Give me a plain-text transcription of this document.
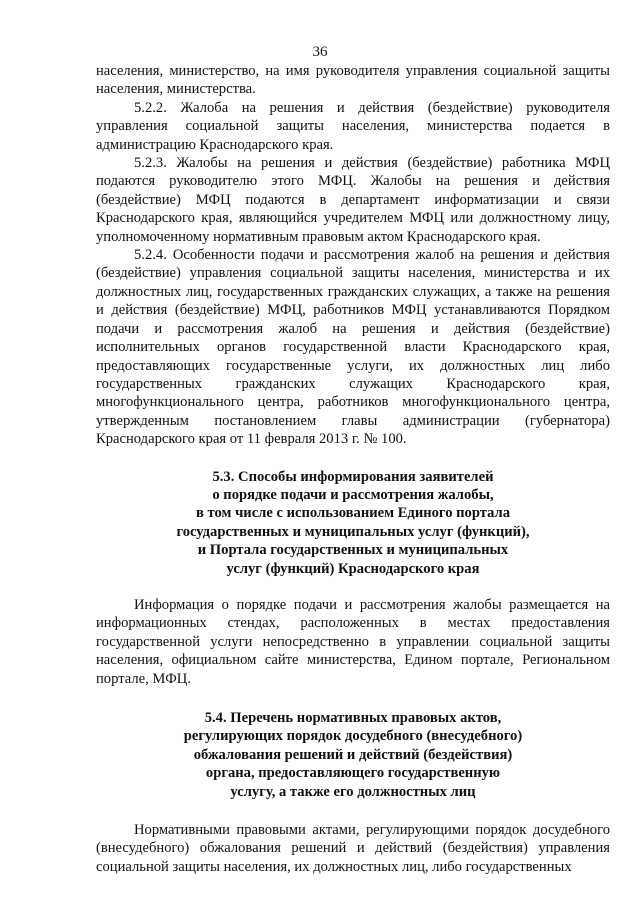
36

населения, министерство, на имя руководителя управления социальной защиты населения, министерства.

5.2.2. Жалоба на решения и действия (бездействие) руководителя управления социальной защиты населения, министерства подается в администрацию Краснодарского края.

5.2.3. Жалобы на решения и действия (бездействие) работника МФЦ подаются руководителю этого МФЦ. Жалобы на решения и действия (бездействие) МФЦ подаются в департамент информатизации и связи Краснодарского края, являющийся учредителем МФЦ или должностному лицу, уполномоченному нормативным правовым актом Краснодарского края.

5.2.4. Особенности подачи и рассмотрения жалоб на решения и действия (бездействие) управления социальной защиты населения, министерства и их должностных лиц, государственных гражданских служащих, а также на решения и действия (бездействие) МФЦ, работников МФЦ устанавливаются Порядком подачи и рассмотрения жалоб на решения и действия (бездействие) исполнительных органов государственной власти Краснодарского края, предоставляющих государственные услуги, их должностных лиц либо государственных гражданских служащих Краснодарского края, многофункционального центра, работников многофункционального центра, утвержденным постановлением главы администрации (губернатора) Краснодарского края от 11 февраля 2013 г. № 100.

5.3. Способы информирования заявителей
о порядке подачи и рассмотрения жалобы,
в том числе с использованием Единого портала
государственных и муниципальных услуг (функций),
и Портала государственных и муниципальных
услуг (функций) Краснодарского края

Информация о порядке подачи и рассмотрения жалобы размещается на информационных стендах, расположенных в местах предоставления государственной услуги непосредственно в управлении социальной защиты населения, официальном сайте министерства, Едином портале, Региональном портале, МФЦ.

5.4. Перечень нормативных правовых актов,
регулирующих порядок досудебного (внесудебного)
обжалования решений и действий (бездействия)
органа, предоставляющего государственную
услугу, а также его должностных лиц

Нормативными правовыми актами, регулирующими порядок досудебного (внесудебного) обжалования решений и действий (бездействия) управления социальной защиты населения, их должностных лиц, либо государственных
